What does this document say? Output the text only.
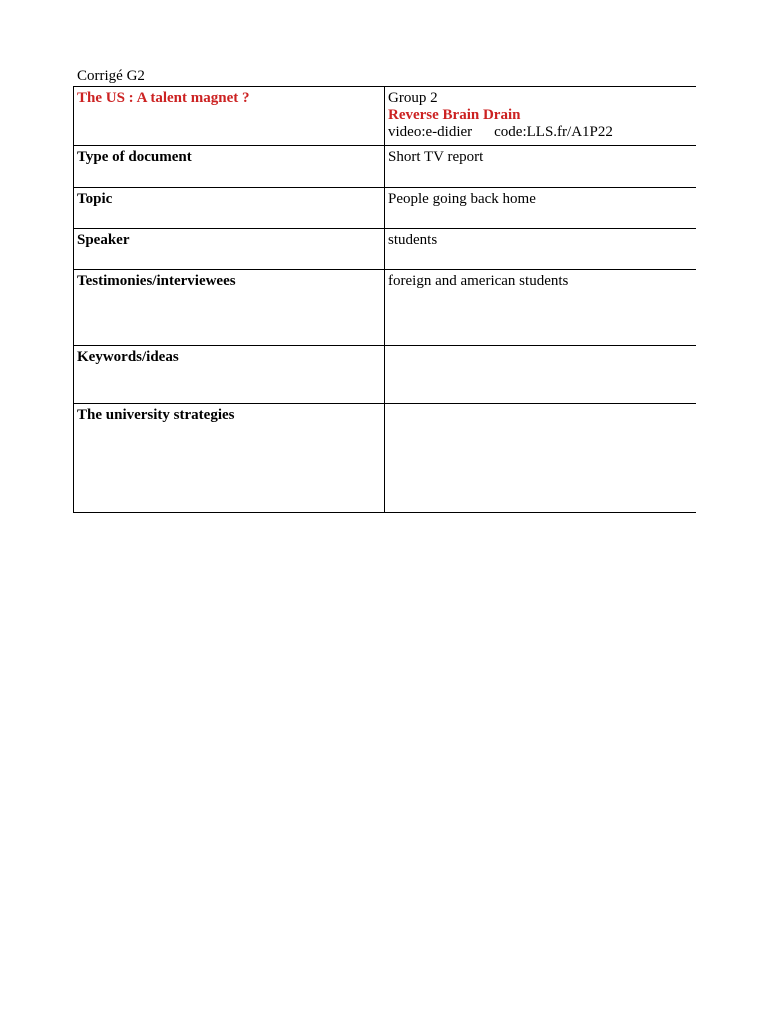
Corrigé G2
The US : A talent magnet ?	Group 2
Reverse Brain Drain
video:e-didier code:LLS.fr/A1P22

Type of document	Short TV report
Topic	People going back home
Speaker	students
Testimonies/interviewees	foreign and american students
Keywords/ideas	
The university strategies	
